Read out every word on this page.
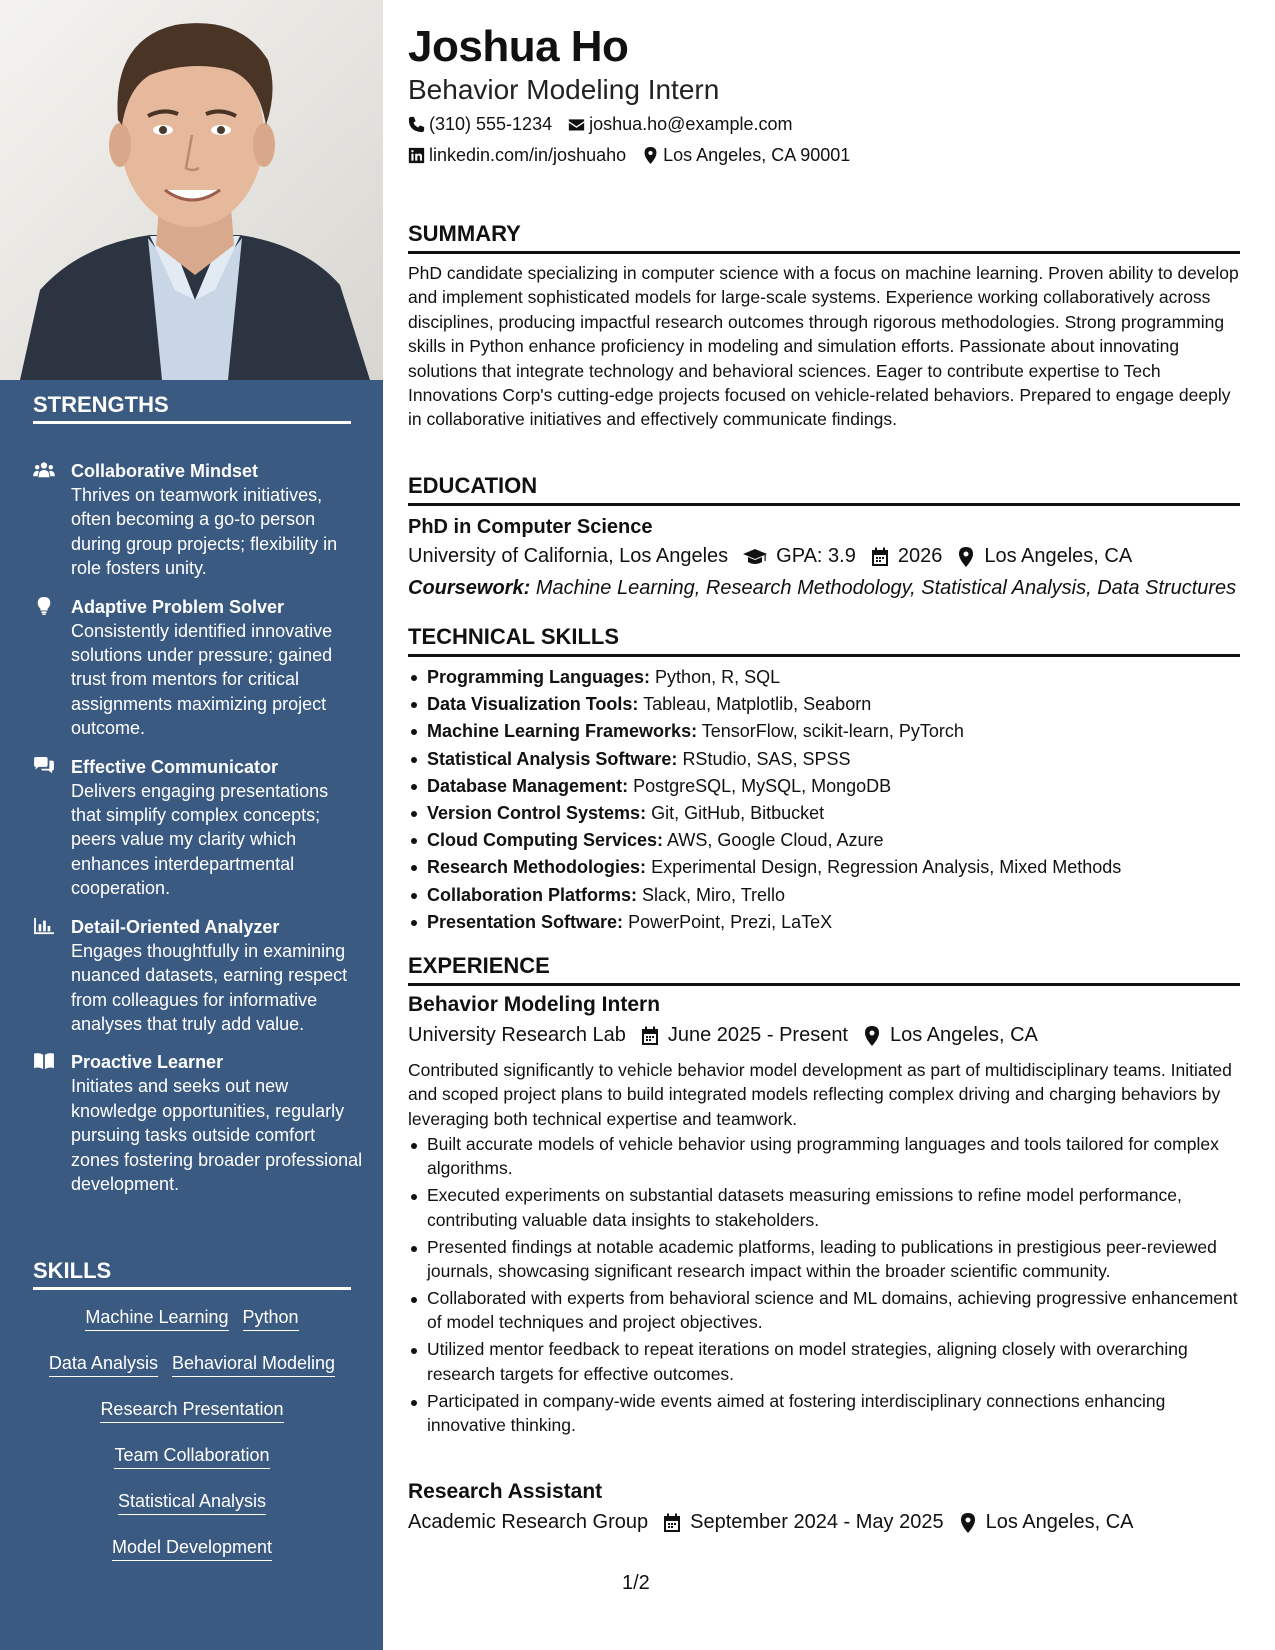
STRENGTHS
Collaborative Mindset
Thrives on teamwork initiatives, often becoming a go-to person during group projects; flexibility in role fosters unity.
Adaptive Problem Solver
Consistently identified innovative solutions under pressure; gained trust from mentors for critical assignments maximizing project outcome.
Effective Communicator
Delivers engaging presentations that simplify complex concepts; peers value my clarity which enhances interdepartmental cooperation.
Detail-Oriented Analyzer
Engages thoughtfully in examining nuanced datasets, earning respect from colleagues for informative analyses that truly add value.
Proactive Learner
Initiates and seeks out new knowledge opportunities, regularly pursuing tasks outside comfort zones fostering broader professional development.
SKILLS
Machine Learning Python
Data Analysis Behavioral Modeling
Research Presentation
Team Collaboration
Statistical Analysis
Model Development
Joshua Ho
Behavior Modeling Intern
(310) 555-1234 joshua.ho@example.com
linkedin.com/in/joshuaho Los Angeles, CA 90001
SUMMARY
PhD candidate specializing in computer science with a focus on machine learning. Proven ability to develop and implement sophisticated models for large-scale systems. Experience working collaboratively across disciplines, producing impactful research outcomes through rigorous methodologies. Strong programming skills in Python enhance proficiency in modeling and simulation efforts. Passionate about innovating solutions that integrate technology and behavioral sciences. Eager to contribute expertise to Tech Innovations Corp's cutting-edge projects focused on vehicle-related behaviors. Prepared to engage deeply in collaborative initiatives and effectively communicate findings.
EDUCATION
PhD in Computer Science
University of California, Los Angeles GPA: 3.9 2026 Los Angeles, CA
Coursework: Machine Learning, Research Methodology, Statistical Analysis, Data Structures
TECHNICAL SKILLS
Programming Languages: Python, R, SQL
Data Visualization Tools: Tableau, Matplotlib, Seaborn
Machine Learning Frameworks: TensorFlow, scikit-learn, PyTorch
Statistical Analysis Software: RStudio, SAS, SPSS
Database Management: PostgreSQL, MySQL, MongoDB
Version Control Systems: Git, GitHub, Bitbucket
Cloud Computing Services: AWS, Google Cloud, Azure
Research Methodologies: Experimental Design, Regression Analysis, Mixed Methods
Collaboration Platforms: Slack, Miro, Trello
Presentation Software: PowerPoint, Prezi, LaTeX
EXPERIENCE
Behavior Modeling Intern
University Research Lab June 2025 - Present Los Angeles, CA
Contributed significantly to vehicle behavior model development as part of multidisciplinary teams. Initiated and scoped project plans to build integrated models reflecting complex driving and charging behaviors by leveraging both technical expertise and teamwork.
Built accurate models of vehicle behavior using programming languages and tools tailored for complex algorithms.
Executed experiments on substantial datasets measuring emissions to refine model performance, contributing valuable data insights to stakeholders.
Presented findings at notable academic platforms, leading to publications in prestigious peer-reviewed journals, showcasing significant research impact within the broader scientific community.
Collaborated with experts from behavioral science and ML domains, achieving progressive enhancement of model techniques and project objectives.
Utilized mentor feedback to repeat iterations on model strategies, aligning closely with overarching research targets for effective outcomes.
Participated in company-wide events aimed at fostering interdisciplinary connections enhancing innovative thinking.
Research Assistant
Academic Research Group September 2024 - May 2025 Los Angeles, CA
1/2
